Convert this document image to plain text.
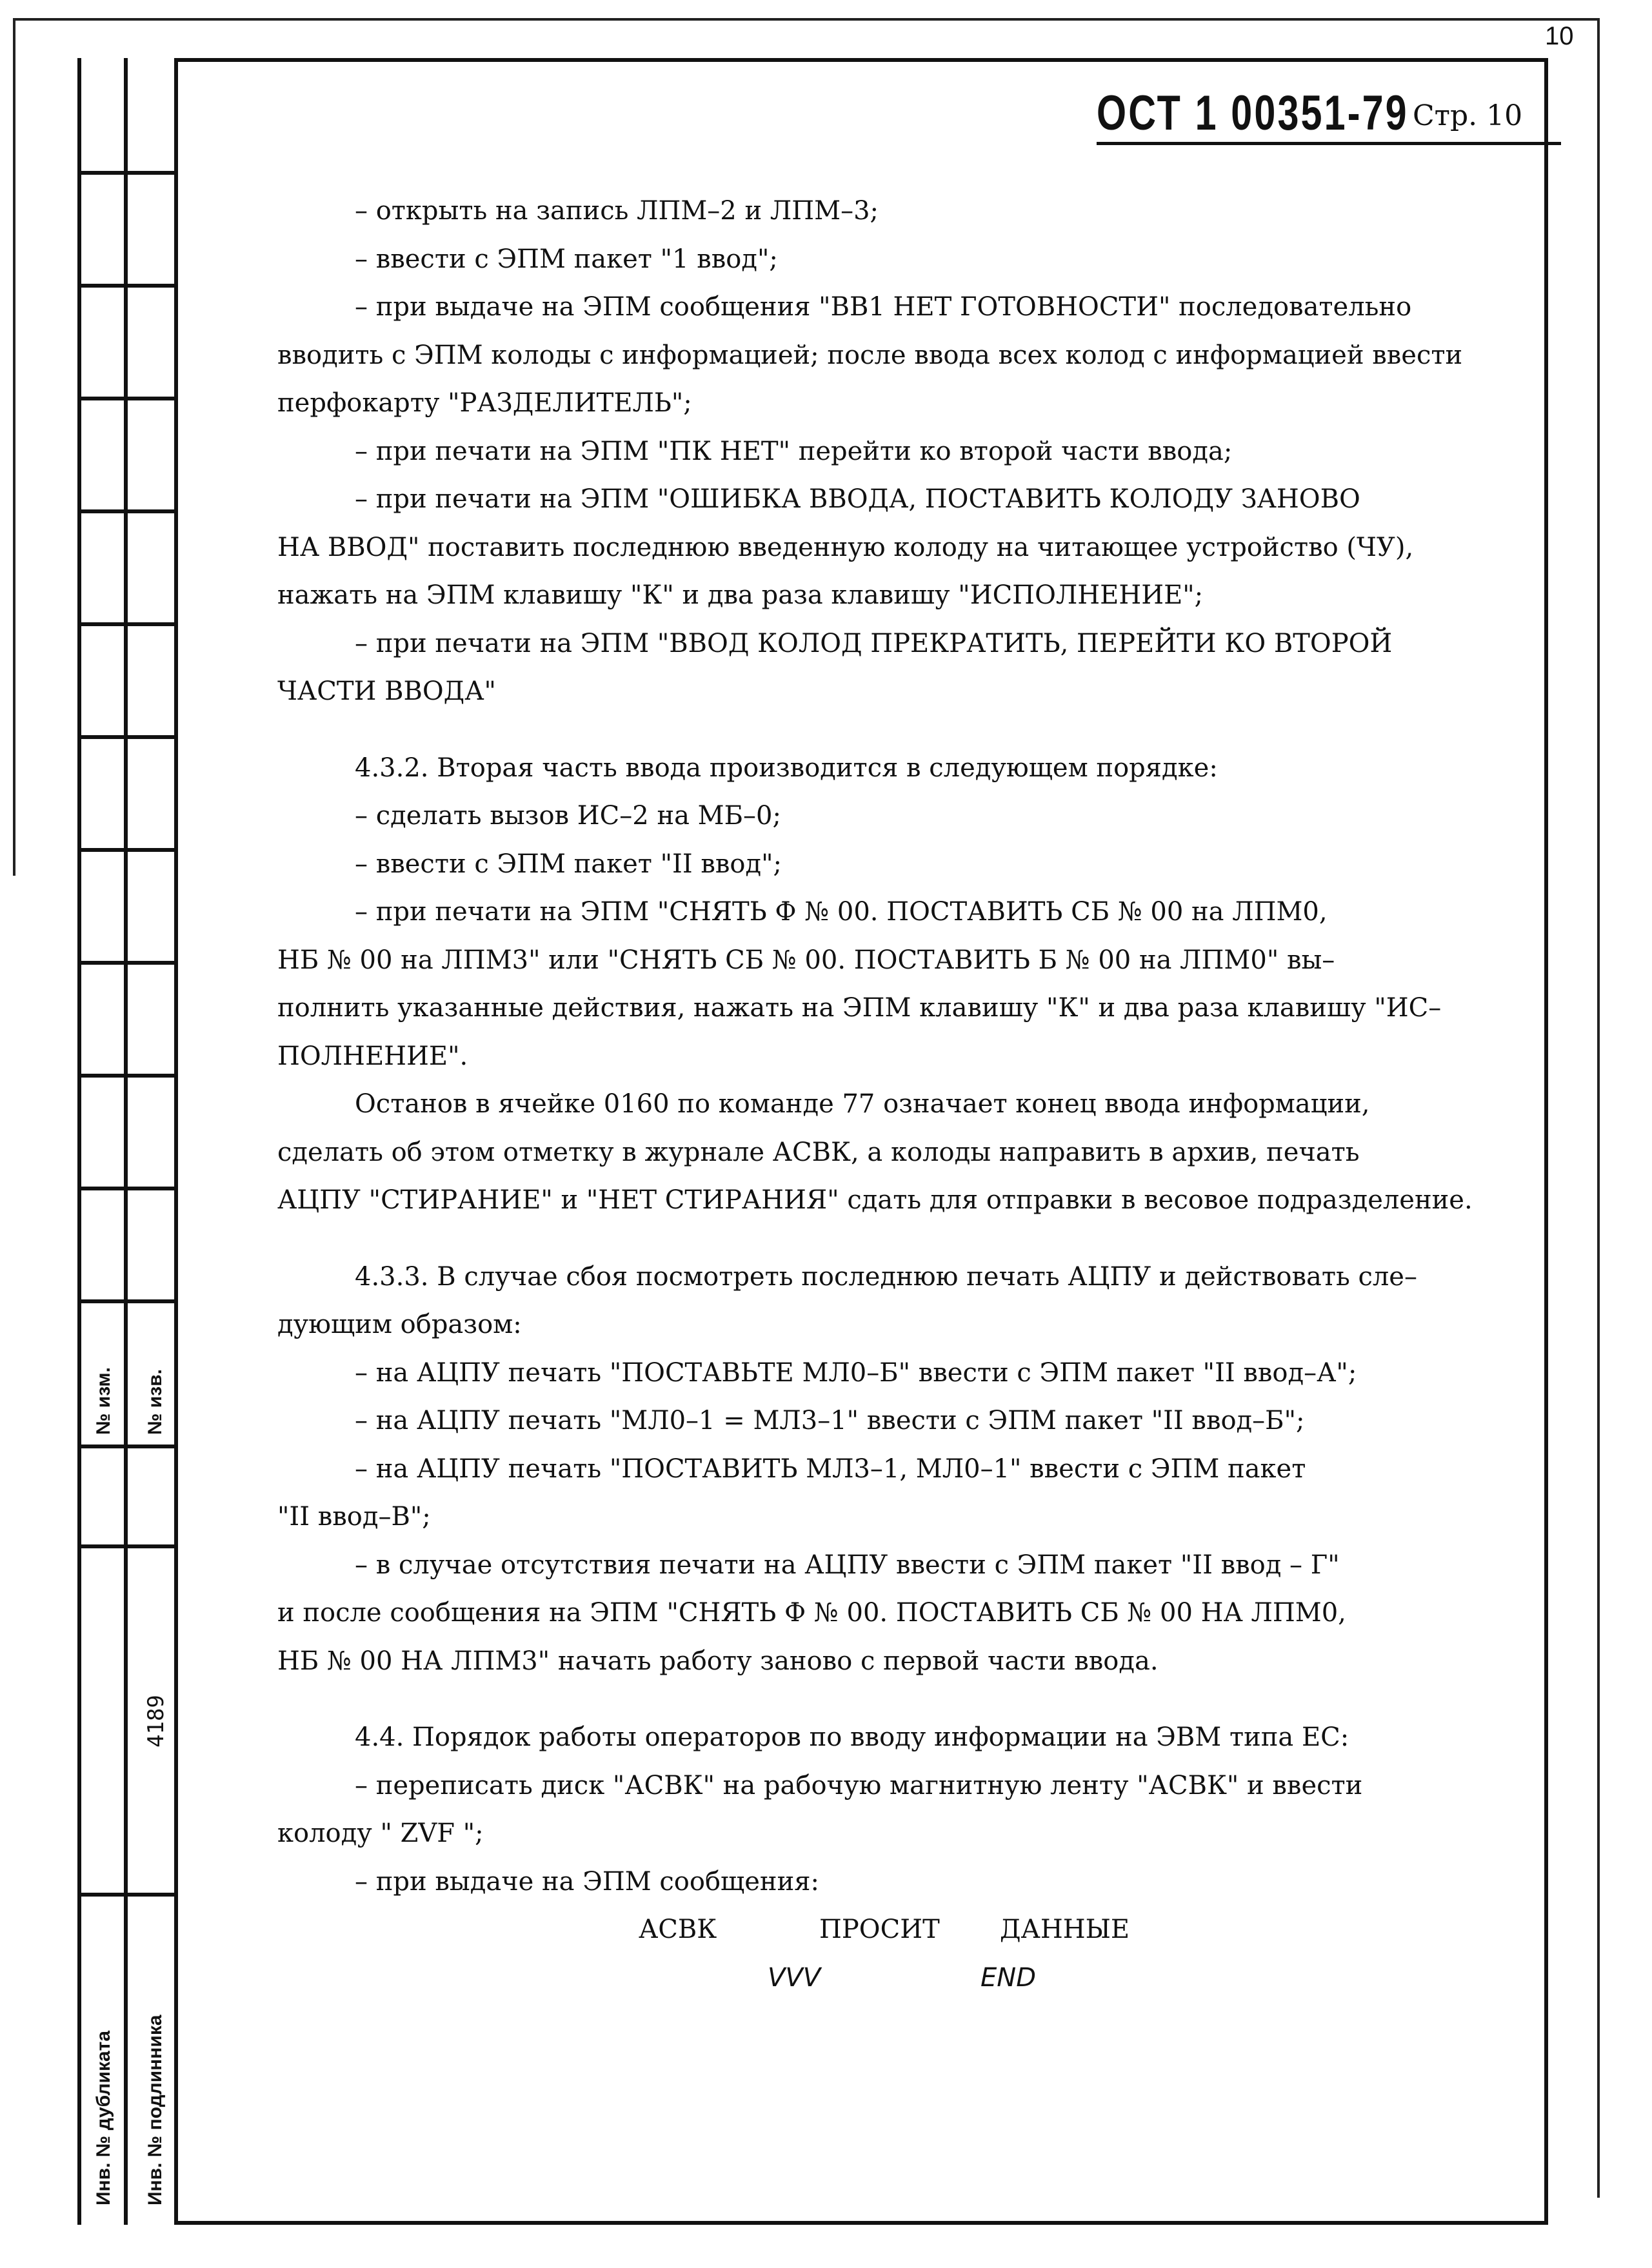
10
№ изм. № изв.
4189
Инв. № дубликата Инв. № подлинника
ОСТ 1 00351-79 Стр. 10

– открыть на запись ЛПМ–2 и ЛПМ–3;

– ввести с ЭПМ пакет "1 ввод";

– при выдаче на ЭПМ сообщения "ВВ1 НЕТ ГОТОВНОСТИ" последовательно

вводить с ЭПМ колоды с информацией; после ввода всех колод с информацией ввести

перфокарту "РАЗДЕЛИТЕЛЬ";

– при печати на ЭПМ "ПК НЕТ" перейти ко второй части ввода;

– при печати на ЭПМ "ОШИБКА ВВОДА, ПОСТАВИТЬ КОЛОДУ ЗАНОВО

НА ВВОД" поставить последнюю введенную колоду на читающее устройство (ЧУ),

нажать на ЭПМ клавишу "К" и два раза клавишу "ИСПОЛНЕНИЕ";

– при печати на ЭПМ "ВВОД КОЛОД ПРЕКРАТИТЬ, ПЕРЕЙТИ КО ВТОРОЙ

ЧАСТИ ВВОДА"

4.3.2. Вторая часть ввода производится в следующем порядке:

– сделать вызов ИС–2 на МБ–0;

– ввести с ЭПМ пакет "II ввод";

– при печати на ЭПМ "СНЯТЬ Ф № 00. ПОСТАВИТЬ СБ № 00 на ЛПМ0,

НБ № 00 на ЛПМ3" или "СНЯТЬ СБ № 00. ПОСТАВИТЬ Б № 00 на ЛПМ0" вы–

полнить указанные действия, нажать на ЭПМ клавишу "К" и два раза клавишу "ИС–

ПОЛНЕНИЕ".

Останов в ячейке 0160 по команде 77 означает конец ввода информации,

сделать об этом отметку в журнале АСВК, а колоды направить в архив, печать

АЦПУ "СТИРАНИЕ" и "НЕТ СТИРАНИЯ" сдать для отправки в весовое подразделение.

4.3.3. В случае сбоя посмотреть последнюю печать АЦПУ и действовать сле–

дующим образом:

– на АЦПУ печать "ПОСТАВЬТЕ МЛ0–Б" ввести с ЭПМ пакет "II ввод–А";

– на АЦПУ печать "МЛ0–1 = МЛ3–1" ввести с ЭПМ пакет "II ввод–Б";

– на АЦПУ печать "ПОСТАВИТЬ МЛ3–1, МЛ0–1" ввести с ЭПМ пакет

"II ввод–В";

– в случае отсутствия печати на АЦПУ ввести с ЭПМ пакет "II ввод – Г"

и после сообщения на ЭПМ "СНЯТЬ Ф № 00. ПОСТАВИТЬ СБ № 00 НА ЛПМ0,

НБ № 00 НА ЛПМ3" начать работу заново с первой части ввода.

4.4. Порядок работы операторов по вводу информации на ЭВМ типа ЕС:

– переписать диск "АСВК" на рабочую магнитную ленту "АСВК" и ввести

колоду " ZVF ";

– при выдаче на ЭПМ сообщения:

АСВК	ПРОСИТ ДАННЫЕ

VVV	END
